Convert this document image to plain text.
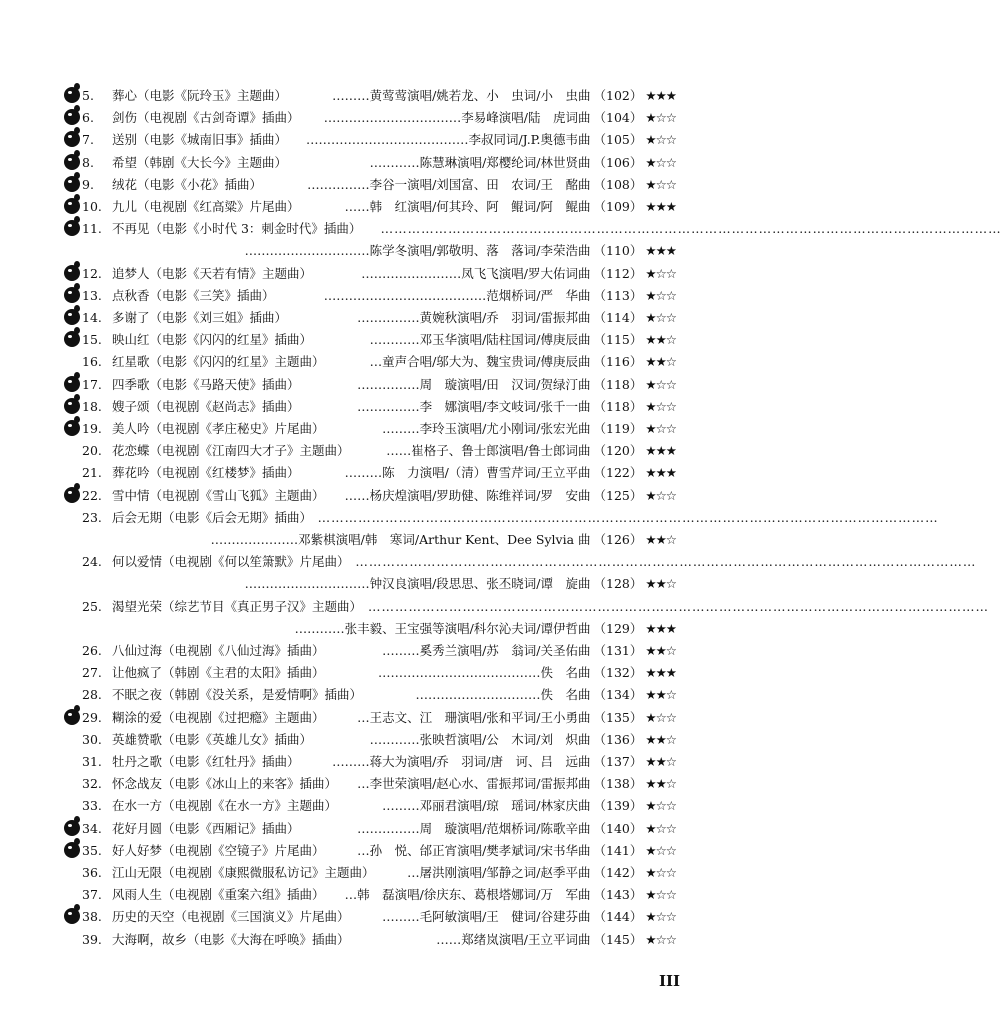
5.	葬心（电影《阮玲玉》主题曲）	………黄莺莺演唱/姚若龙、小　虫词/小　虫曲 （102） ★★★
6.	剑伤（电视剧《古剑奇谭》插曲）	……………………………李易峰演唱/陆　虎词曲 （104） ★☆☆
7.	送别（电影《城南旧事》插曲）	…………………………………李叔同词/J.P.奥德韦曲 （105） ★☆☆
8.	希望（韩剧《大长今》主题曲）	…………陈慧琳演唱/郑樱纶词/林世贤曲 （106） ★☆☆
9.	绒花（电影《小花》插曲）	……………李谷一演唱/刘国富、田　农词/王　酩曲 （108） ★☆☆
10. 九儿（电视剧《红高粱》片尾曲）	……韩　红演唱/何其玲、阿　鲲词/阿　鲲曲 （109） ★★★
11. 不再见（电影《小时代 3：刺金时代》插曲）	…………………………………………………………………………………………………………………………
…………………………陈学冬演唱/郭敬明、落　落词/李荣浩曲 （110） ★★★
12. 追梦人（电影《天若有情》主题曲）	……………………凤飞飞演唱/罗大佑词曲 （112） ★☆☆
13. 点秋香（电影《三笑》插曲）	…………………………………范烟桥词/严　华曲 （113） ★☆☆
14. 多谢了（电影《刘三姐》插曲）	……………黄婉秋演唱/乔　羽词/雷振邦曲 （114） ★☆☆
15. 映山红（电影《闪闪的红星》插曲）	…………邓玉华演唱/陆柱国词/傅庚辰曲 （115） ★★☆
16. 红星歌（电影《闪闪的红星》主题曲）	…童声合唱/邬大为、魏宝贵词/傅庚辰曲 （116） ★★☆
17. 四季歌（电影《马路天使》插曲）	……………周　璇演唱/田　汉词/贺绿汀曲 （118） ★☆☆
18. 嫂子颂（电视剧《赵尚志》插曲）	……………李　娜演唱/李文岐词/张千一曲 （118） ★☆☆
19. 美人吟（电视剧《孝庄秘史》片尾曲）	………李玲玉演唱/尤小刚词/张宏光曲 （119） ★☆☆
20. 花恋蝶（电视剧《江南四大才子》主题曲）	……崔格子、鲁士郎演唱/鲁士郎词曲 （120） ★★★
21. 葬花吟（电视剧《红楼梦》插曲）	………陈　力演唱/（清）曹雪芹词/王立平曲 （122） ★★★
22. 雪中情（电视剧《雪山飞狐》主题曲）	……杨庆煌演唱/罗助健、陈维祥词/罗　安曲 （125） ★☆☆
23. 后会无期（电影《后会无期》插曲） …………………………………………………………………………………………………………………………
…………………邓紫棋演唱/韩　寒词/Arthur Kent、Dee Sylvia 曲 （126） ★★☆
24. 何以爱情（电视剧《何以笙箫默》片尾曲） …………………………………………………………………………………………………………………………
…………………………钟汉良演唱/段思思、张丕晓词/谭　旋曲 （128） ★★☆
25. 渴望光荣（综艺节目《真正男子汉》主题曲） …………………………………………………………………………………………………………………………
…………张丰毅、王宝强等演唱/科尔沁夫词/谭伊哲曲 （129） ★★★
26. 八仙过海（电视剧《八仙过海》插曲）	………奚秀兰演唱/苏　翁词/关圣佑曲 （131） ★★☆
27. 让他疯了（韩剧《主君的太阳》插曲）	…………………………………佚　名曲 （132） ★★★
28. 不眠之夜（韩剧《没关系，是爱情啊》插曲）	…………………………佚　名曲 （134） ★★☆
29. 糊涂的爱（电视剧《过把瘾》主题曲）	…王志文、江　珊演唱/张和平词/王小勇曲 （135） ★☆☆
30. 英雄赞歌（电影《英雄儿女》插曲）	…………张映哲演唱/公　木词/刘　炽曲 （136） ★★☆
31. 牡丹之歌（电影《红牡丹》插曲）	………蒋大为演唱/乔　羽词/唐　诃、吕　远曲 （137） ★★☆
32. 怀念战友（电影《冰山上的来客》插曲）	…李世荣演唱/赵心水、雷振邦词/雷振邦曲 （138） ★★☆
33. 在水一方（电视剧《在水一方》主题曲）	………邓丽君演唱/琼　瑶词/林家庆曲 （139） ★☆☆
34. 花好月圆（电影《西厢记》插曲）	……………周　璇演唱/范烟桥词/陈歌辛曲 （140） ★☆☆
35. 好人好梦（电视剧《空镜子》片尾曲）	…孙　悦、邰正宵演唱/樊孝斌词/宋书华曲 （141） ★☆☆
36. 江山无限（电视剧《康熙微服私访记》主题曲）	…屠洪刚演唱/邹静之词/赵季平曲 （142） ★☆☆
37. 风雨人生（电视剧《重案六组》插曲）	…韩　磊演唱/徐庆东、葛根塔娜词/万　军曲 （143） ★☆☆
38. 历史的天空（电视剧《三国演义》片尾曲）	………毛阿敏演唱/王　健词/谷建芬曲 （144） ★☆☆
39. 大海啊，故乡（电影《大海在呼唤》插曲）	……郑绪岚演唱/王立平词曲 （145） ★☆☆
III
